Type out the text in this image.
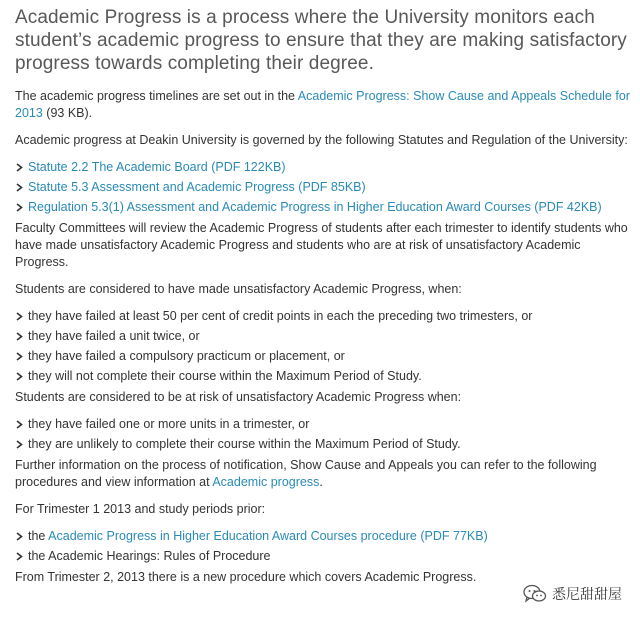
Academic Progress is a process where the University monitors each student’s academic progress to ensure that they are making satisfactory progress towards completing their degree.

The academic progress timelines are set out in the Academic Progress: Show Cause and Appeals Schedule for 2013 (93 KB).

Academic progress at Deakin University is governed by the following Statutes and Regulation of the University:

Statute 2.2 The Academic Board (PDF 122KB)
Statute 5.3 Assessment and Academic Progress (PDF 85KB)
Regulation 5.3(1) Assessment and Academic Progress in Higher Education Award Courses (PDF 42KB)

Faculty Committees will review the Academic Progress of students after each trimester to identify students who have made unsatisfactory Academic Progress and students who are at risk of unsatisfactory Academic Progress.

Students are considered to have made unsatisfactory Academic Progress, when:

they have failed at least 50 per cent of credit points in each the preceding two trimesters, or
they have failed a unit twice, or
they have failed a compulsory practicum or placement, or
they will not complete their course within the Maximum Period of Study.

Students are considered to be at risk of unsatisfactory Academic Progress when:

they have failed one or more units in a trimester, or
they are unlikely to complete their course within the Maximum Period of Study.

Further information on the process of notification, Show Cause and Appeals you can refer to the following procedures and view information at Academic progress.

For Trimester 1 2013 and study periods prior:

the Academic Progress in Higher Education Award Courses procedure (PDF 77KB)
the Academic Hearings: Rules of Procedure

From Trimester 2, 2013 there is a new procedure which covers Academic Progress.

悉尼甜甜屋
